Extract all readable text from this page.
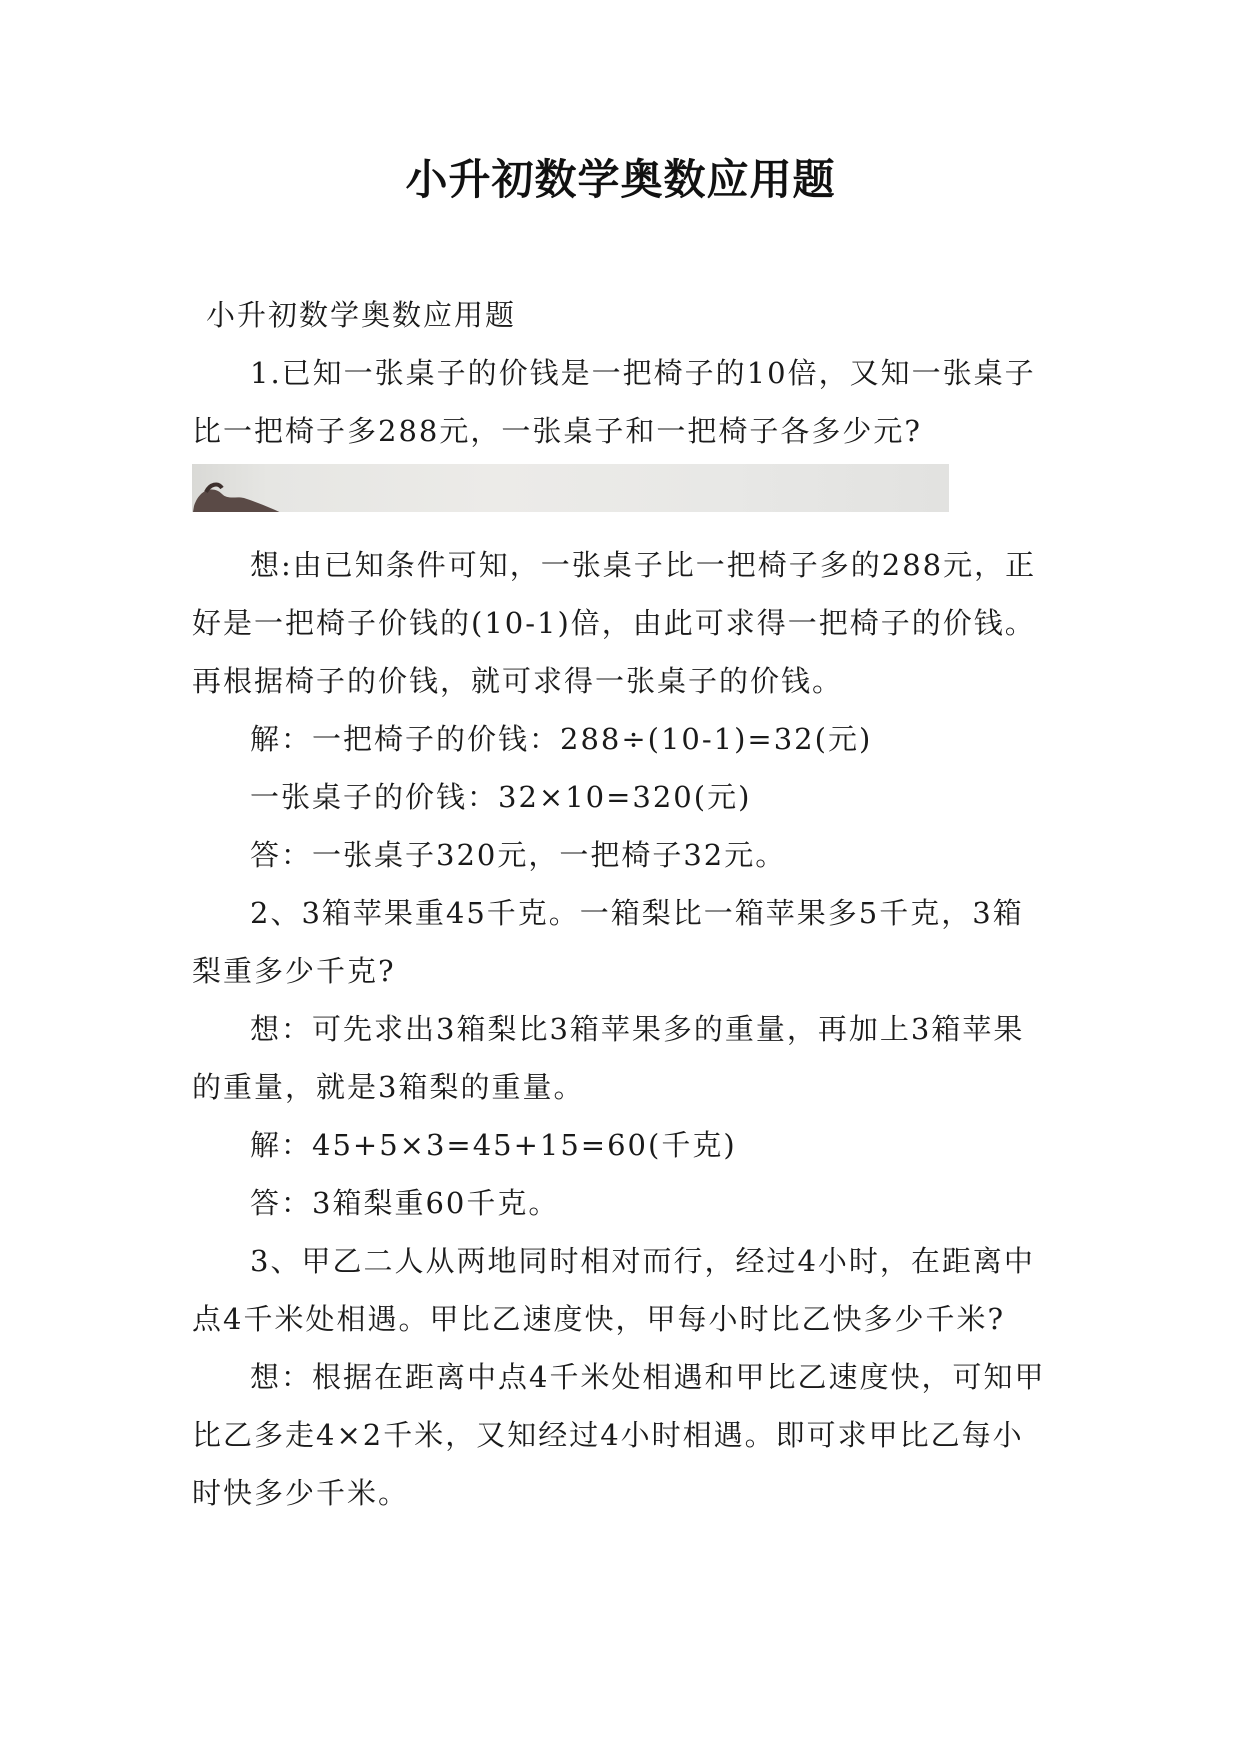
小升初数学奥数应用题

小升初数学奥数应用题

1.已知一张桌子的价钱是一把椅子的10倍，又知一张桌子比一把椅子多288元，一张桌子和一把椅子各多少元?

想:由已知条件可知，一张桌子比一把椅子多的288元，正好是一把椅子价钱的(10-1)倍，由此可求得一把椅子的价钱。再根据椅子的价钱，就可求得一张桌子的价钱。

解：一把椅子的价钱：288÷(10-1)=32(元)

一张桌子的价钱：32×10=320(元)

答：一张桌子320元，一把椅子32元。

2、3箱苹果重45千克。一箱梨比一箱苹果多5千克，3箱梨重多少千克?

想：可先求出3箱梨比3箱苹果多的重量，再加上3箱苹果的重量，就是3箱梨的重量。

解：45+5×3=45+15=60(千克)

答：3箱梨重60千克。

3、甲乙二人从两地同时相对而行，经过4小时，在距离中点4千米处相遇。甲比乙速度快，甲每小时比乙快多少千米?

想：根据在距离中点4千米处相遇和甲比乙速度快，可知甲比乙多走4×2千米，又知经过4小时相遇。即可求甲比乙每小时快多少千米。
